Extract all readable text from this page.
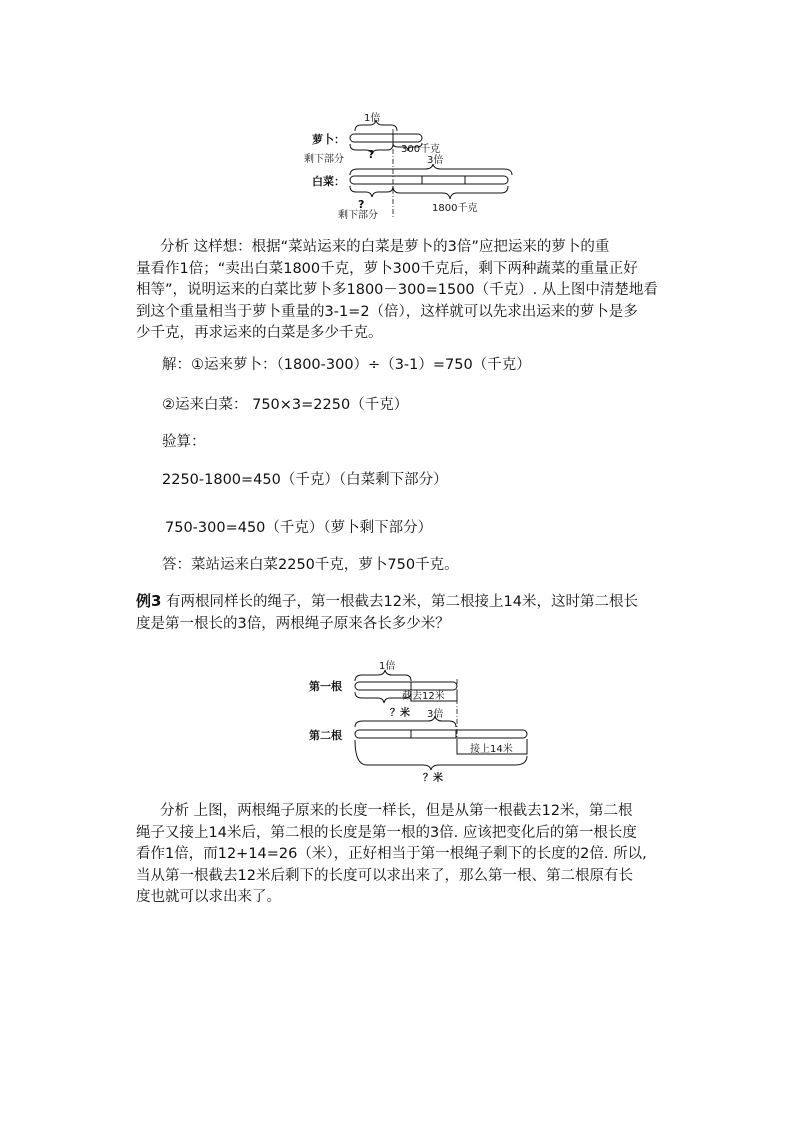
1倍
萝卜：
300千克
剩下部分 ?	3倍
白菜：
?
剩下部分
1800千克
分析 这样想：根据“菜站运来的白菜是萝卜的3倍”应把运来的萝卜的重
量看作1倍；“卖出白菜1800千克，萝卜300千克后，剩下两种蔬菜的重量正好
相等”，说明运来的白菜比萝卜多1800－300=1500（千克）. 从上图中清楚地看
到这个重量相当于萝卜重量的3-1=2（倍），这样就可以先求出运来的萝卜是多
少千克，再求运来的白菜是多少千克。
解：①运来萝卜：（1800-300）÷（3-1）=750（千克）
②运来白菜： 750×3=2250（千克）
验算：
2250-1800=450（千克）（白菜剩下部分）
750-300=450（千克）（萝卜剩下部分）
答：菜站运来白菜2250千克，萝卜750千克。
例3 有两根同样长的绳子，第一根截去12米，第二根接上14米，这时第二根长
度是第一根长的3倍，两根绳子原来各长多少米？
1倍
第一根
截去12米
？米 3倍
第二根
接上14米
？米
分析 上图，两根绳子原来的长度一样长，但是从第一根截去12米，第二根
绳子又接上14米后，第二根的长度是第一根的3倍. 应该把变化后的第一根长度
看作1倍，而12+14=26（米），正好相当于第一根绳子剩下的长度的2倍. 所以,
当从第一根截去12米后剩下的长度可以求出来了，那么第一根、第二根原有长
度也就可以求出来了。
